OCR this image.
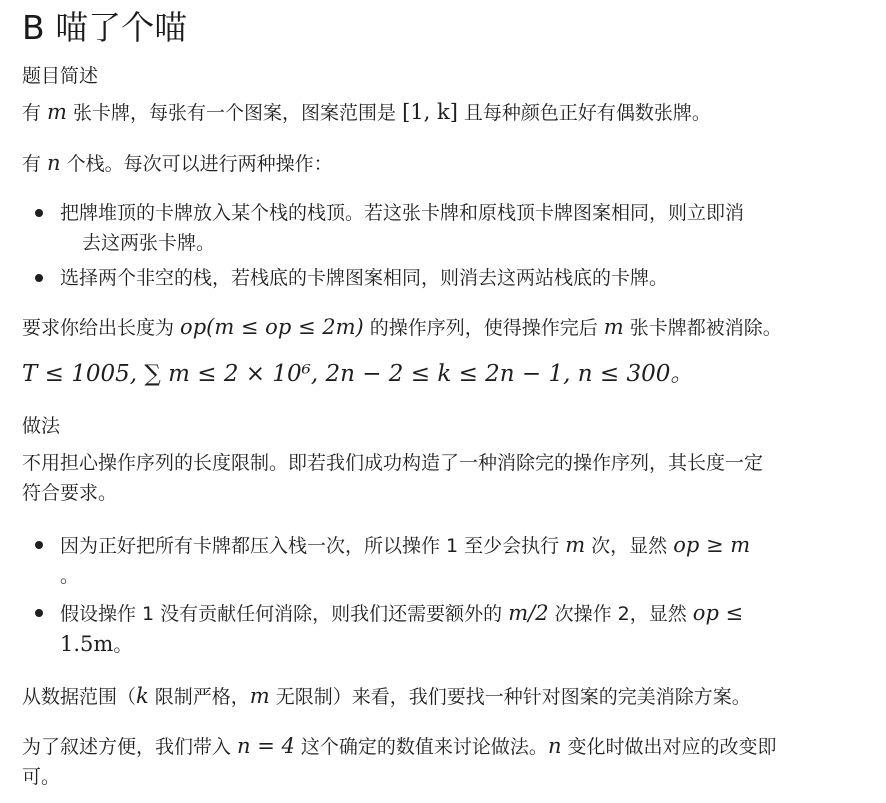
B 喵了个喵
题目简述
有 m 张卡牌，每张有一个图案，图案范围是 [1, k] 且每种颜色正好有偶数张牌。
有 n 个栈。每次可以进行两种操作：
把牌堆顶的卡牌放入某个栈的栈顶。若这张卡牌和原栈顶卡牌图案相同，则立即消
去这两张卡牌。
选择两个非空的栈，若栈底的卡牌图案相同，则消去这两站栈底的卡牌。
要求你给出长度为 op(m ≤ op ≤ 2m) 的操作序列，使得操作完后 m 张卡牌都被消除。
T ≤ 1005, ∑ m ≤ 2 × 10⁶, 2n − 2 ≤ k ≤ 2n − 1, n ≤ 300。
做法
不用担心操作序列的长度限制。即若我们成功构造了一种消除完的操作序列，其长度一定
符合要求。
因为正好把所有卡牌都压入栈一次，所以操作 1 至少会执行 m 次，显然 op ≥ m
。
假设操作 1 没有贡献任何消除，则我们还需要额外的 m/2 次操作 2，显然 op ≤
1.5m。
从数据范围（k 限制严格，m 无限制）来看，我们要找一种针对图案的完美消除方案。
为了叙述方便，我们带入 n = 4 这个确定的数值来讨论做法。n 变化时做出对应的改变即
可。
